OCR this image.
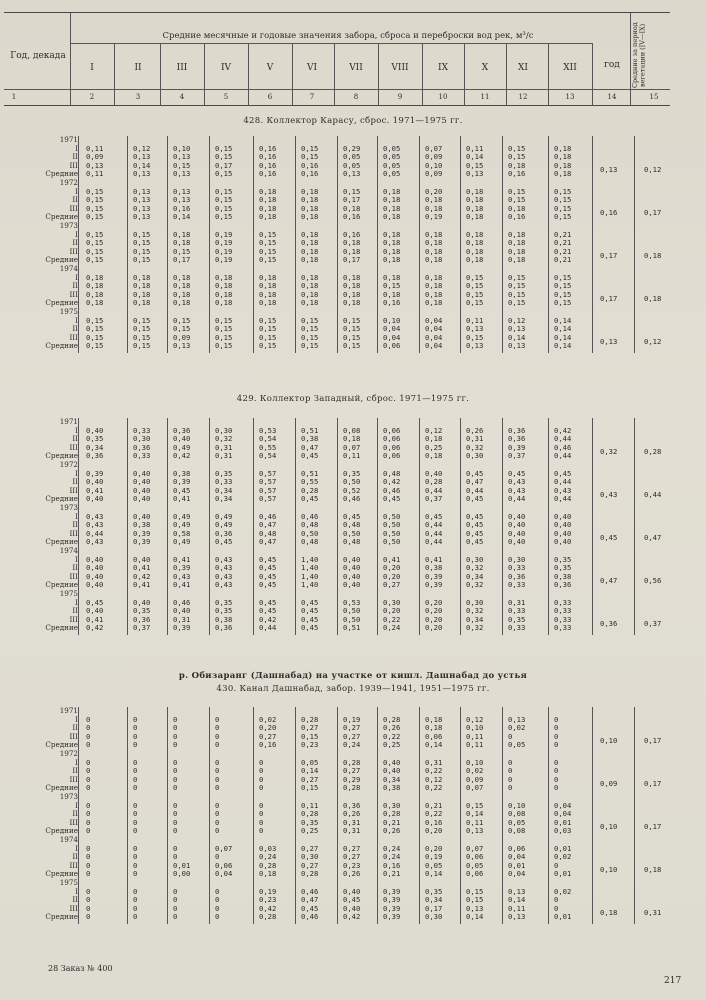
Год, декада
Средние месячные и годовые значения забора, сброса и переброски вод рек, м³/с
год	Средние за период вегетации (IV—IX)
I	II	III	IV	V	VI	VII	VIII	IX	X	XI	XII
1	2	3	4	5	6	7	8	9	10	11	12	13	14	15
428. Коллектор Карасу, сброс. 1971—1975 гг.
1971
I 0,11	0,12	0,10	0,15	0,16	0,15	0,29	0,05	0,07	0,11	0,15	0,18
II 0,09	0,13	0,13	0,15	0,16	0,15	0,05	0,05	0,09	0,14	0,15	0,18
III 0,13	0,14	0,15	0,17	0,16	0,16	0,05	0,05	0,10	0,15	0,18	0,18
Средние 0,11	0,13	0,13	0,15	0,16	0,16	0,13	0,05	0,09	0,13	0,16	0,18	0,13	0,12
1972
I 0,15	0,13	0,13	0,15	0,18	0,18	0,15	0,18	0,20	0,18	0,15	0,15
II 0,15	0,13	0,13	0,15	0,18	0,18	0,17	0,18	0,18	0,18	0,15	0,15
III 0,15	0,13	0,16	0,15	0,18	0,18	0,18	0,18	0,18	0,18	0,18	0,15
Средние 0,15	0,13	0,14	0,15	0,18	0,18	0,16	0,18	0,19	0,18	0,16	0,15	0,16	0,17
1973
I 0,15	0,15	0,18	0,19	0,15	0,18	0,16	0,18	0,18	0,18	0,18	0,21
II 0,15	0,15	0,18	0,19	0,15	0,18	0,18	0,18	0,18	0,18	0,18	0,21
III 0,15	0,15	0,15	0,19	0,15	0,18	0,18	0,18	0,18	0,18	0,18	0,21
Средние 0,15	0,15	0,17	0,19	0,15	0,18	0,17	0,18	0,18	0,18	0,18	0,21	0,17	0,18
1974
I 0,18	0,18	0,18	0,18	0,18	0,18	0,18	0,18	0,18	0,15	0,15	0,15
II 0,18	0,18	0,18	0,18	0,18	0,18	0,18	0,15	0,18	0,15	0,15	0,15
III 0,18	0,18	0,18	0,18	0,18	0,18	0,18	0,18	0,18	0,15	0,15	0,15
Средние 0,18	0,18	0,18	0,18	0,18	0,18	0,18	0,16	0,18	0,15	0,15	0,15	0,17	0,18
1975
I 0,15	0,15	0,15	0,15	0,15	0,15	0,15	0,10	0,04	0,11	0,12	0,14
II 0,15	0,15	0,15	0,15	0,15	0,15	0,15	0,04	0,04	0,13	0,13	0,14
III 0,15	0,15	0,09	0,15	0,15	0,15	0,15	0,04	0,04	0,15	0,14	0,14
Средние 0,15	0,15	0,13	0,15	0,15	0,15	0,15	0,06	0,04	0,13	0,13	0,14	0,13	0,12
429. Коллектор Западный, сброс. 1971—1975 гг.
1971
I 0,40	0,33	0,36	0,30	0,53	0,51	0,08	0,06	0,12	0,26	0,36	0,42
II 0,35	0,30	0,40	0,32	0,54	0,38	0,18	0,06	0,18	0,31	0,36	0,44
III 0,34	0,36	0,49	0,31	0,55	0,47	0,07	0,06	0,25	0,32	0,39	0,46
Средние 0,36	0,33	0,42	0,31	0,54	0,45	0,11	0,06	0,18	0,30	0,37	0,44	0,32	0,28
1972
I 0,39	0,40	0,38	0,35	0,57	0,51	0,35	0,48	0,40	0,45	0,45	0,45
II 0,40	0,40	0,39	0,33	0,57	0,55	0,50	0,42	0,28	0,47	0,43	0,44
III 0,41	0,40	0,45	0,34	0,57	0,28	0,52	0,46	0,44	0,44	0,43	0,43
Средние 0,40	0,40	0,41	0,34	0,57	0,45	0,46	0,45	0,37	0,45	0,44	0,44	0,43	0,44
1973
I 0,43	0,40	0,49	0,49	0,46	0,46	0,45	0,50	0,45	0,45	0,40	0,40
II 0,43	0,38	0,49	0,49	0,47	0,48	0,48	0,50	0,44	0,45	0,40	0,40
III 0,44	0,39	0,58	0,36	0,48	0,50	0,50	0,50	0,44	0,45	0,40	0,40
Средние 0,43	0,39	0,49	0,45	0,47	0,48	0,48	0,50	0,44	0,45	0,40	0,40	0,45	0,47
1974
I 0,40	0,40	0,41	0,43	0,45	1,40	0,40	0,41	0,41	0,30	0,30	0,35
II 0,40	0,41	0,39	0,43	0,45	1,40	0,40	0,20	0,38	0,32	0,33	0,35
III 0,40	0,42	0,43	0,43	0,45	1,40	0,40	0,20	0,39	0,34	0,36	0,38
Средние 0,40	0,41	0,41	0,43	0,45	1,40	0,40	0,27	0,39	0,32	0,33	0,36	0,47	0,56
1975
I 0,45	0,40	0,46	0,35	0,45	0,45	0,53	0,30	0,20	0,30	0,31	0,33
II 0,40	0,35	0,40	0,35	0,45	0,45	0,50	0,20	0,20	0,32	0,33	0,33
III 0,41	0,36	0,31	0,38	0,42	0,45	0,50	0,22	0,20	0,34	0,35	0,33
Средние 0,42	0,37	0,39	0,36	0,44	0,45	0,51	0,24	0,20	0,32	0,33	0,33	0,36	0,37
р. Обизаранг (Дашнабад) на участке от кишл. Дашнабад до устья
430. Канал Дашнабад, забор. 1939—1941, 1951—1975 гг.
1971
I 0	0	0	0	0,02	0,28	0,19	0,28	0,18	0,12	0,13	0
II 0	0	0	0	0,20	0,27	0,27	0,26	0,18	0,10	0,02	0
III 0	0	0	0	0,27	0,15	0,27	0,22	0,06	0,11	0	0
Средние 0	0	0	0	0,16	0,23	0,24	0,25	0,14	0,11	0,05	0	0,10	0,17
1972
I 0	0	0	0	0	0,05	0,28	0,40	0,31	0,10	0	0
II 0	0	0	0	0	0,14	0,27	0,40	0,22	0,02	0	0
III 0	0	0	0	0	0,27	0,29	0,34	0,12	0,09	0	0
Средние 0	0	0	0	0	0,15	0,28	0,38	0,22	0,07	0	0	0,09	0,17
1973
I 0	0	0	0	0	0,11	0,36	0,30	0,21	0,15	0,10	0,04
II 0	0	0	0	0	0,28	0,26	0,28	0,22	0,14	0,08	0,04
III 0	0	0	0	0	0,35	0,31	0,21	0,16	0,11	0,05	0,01
Средние 0	0	0	0	0	0,25	0,31	0,26	0,20	0,13	0,08	0,03	0,10	0,17
1974
I 0	0	0	0,07	0,03	0,27	0,27	0,24	0,20	0,07	0,06	0,01
II 0	0	0	0	0,24	0,30	0,27	0,24	0,19	0,06	0,04	0,02
III 0	0	0,01	0,06	0,28	0,27	0,23	0,16	0,05	0,05	0,01	0
Средние 0	0	0,00	0,04	0,18	0,28	0,26	0,21	0,14	0,06	0,04	0,01	0,10	0,18
1975
I 0	0	0	0	0,19	0,46	0,40	0,39	0,35	0,15	0,13	0,02
II 0	0	0	0	0,23	0,47	0,45	0,39	0,34	0,15	0,14	0
III 0	0	0	0	0,42	0,45	0,40	0,39	0,17	0,13	0,11	0
Средние 0	0	0	0	0,28	0,46	0,42	0,39	0,30	0,14	0,13	0,01	0,18	0,31
28 Заказ № 400
217
